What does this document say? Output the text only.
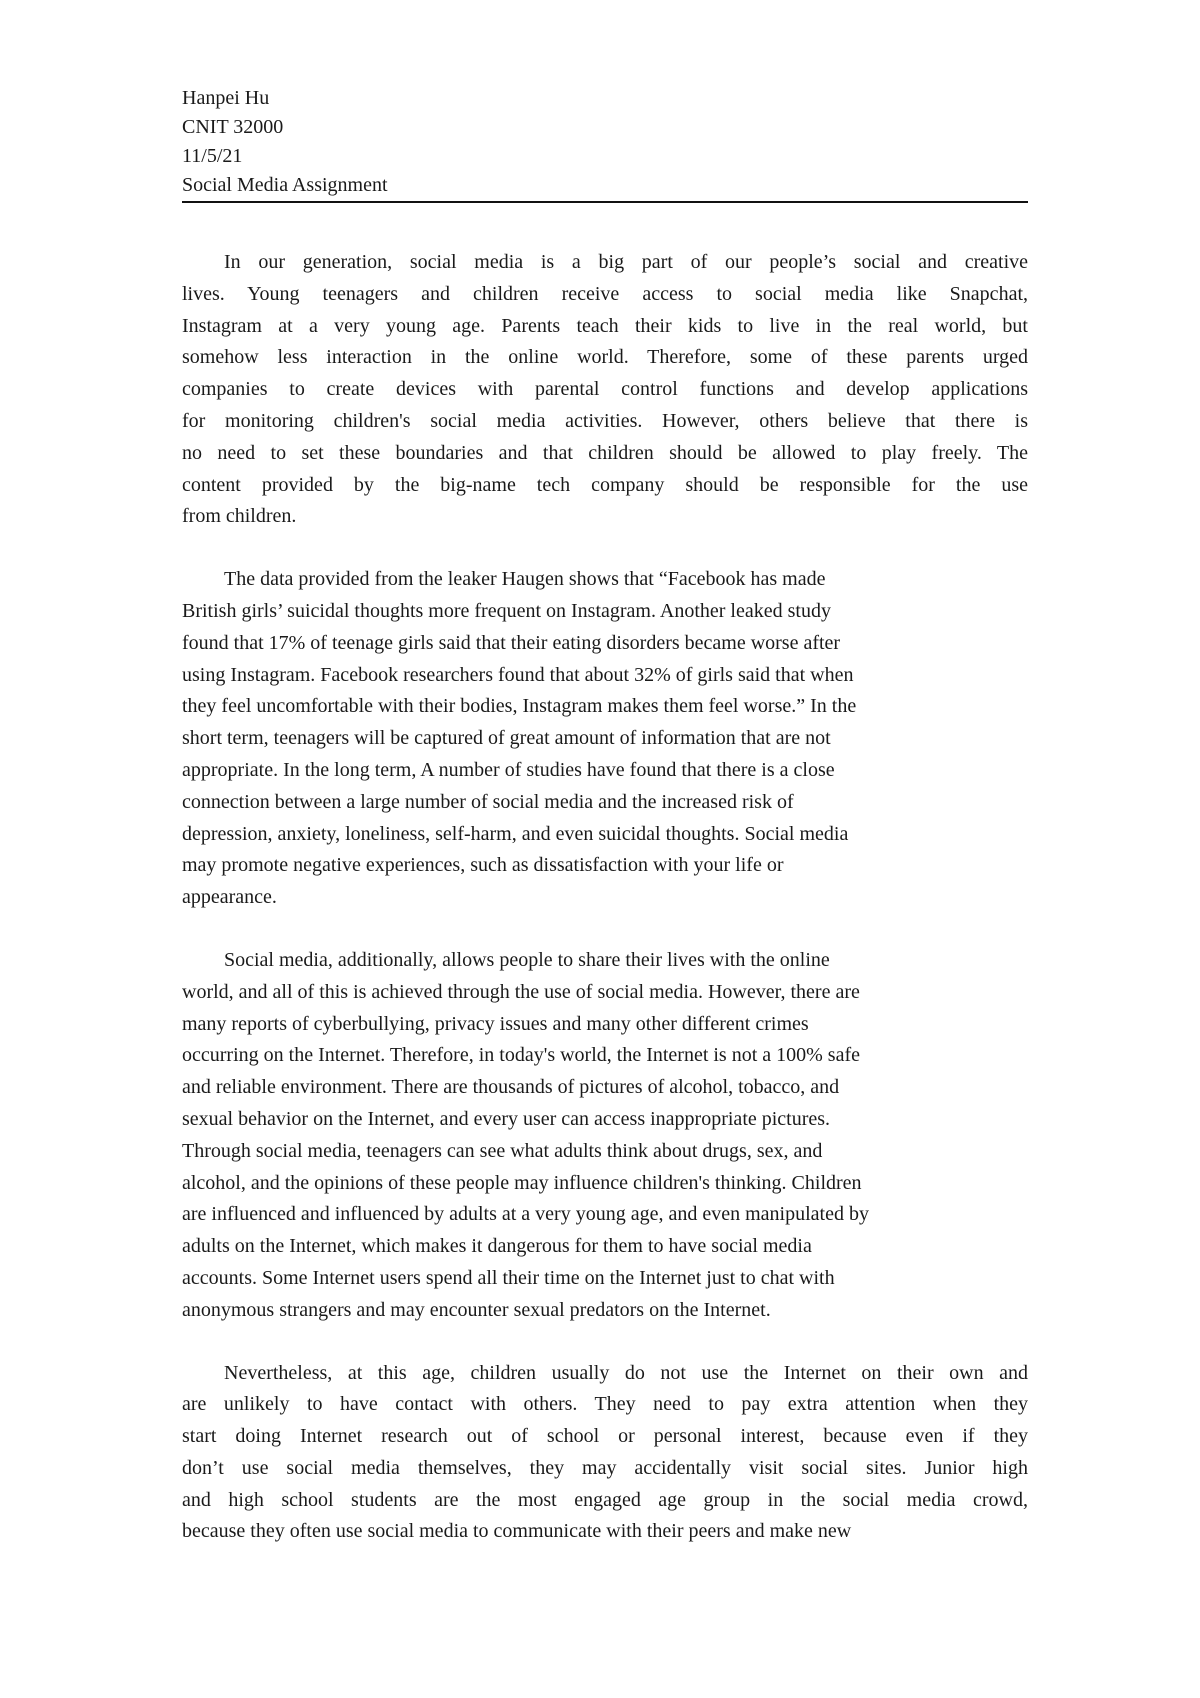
Hanpei Hu
CNIT 32000
11/5/21
Social Media Assignment
In our generation, social media is a big part of our people’s social and creative
lives. Young teenagers and children receive access to social media like Snapchat,
Instagram at a very young age. Parents teach their kids to live in the real world, but
somehow less interaction in the online world. Therefore, some of these parents urged
companies to create devices with parental control functions and develop applications
for monitoring children's social media activities. However, others believe that there is
no need to set these boundaries and that children should be allowed to play freely. The
content provided by the big-name tech company should be responsible for the use
from children.
The data provided from the leaker Haugen shows that “Facebook has made
British girls’ suicidal thoughts more frequent on Instagram. Another leaked study
found that 17% of teenage girls said that their eating disorders became worse after
using Instagram. Facebook researchers found that about 32% of girls said that when
they feel uncomfortable with their bodies, Instagram makes them feel worse.” In the
short term, teenagers will be captured of great amount of information that are not
appropriate. In the long term, A number of studies have found that there is a close
connection between a large number of social media and the increased risk of
depression, anxiety, loneliness, self-harm, and even suicidal thoughts. Social media
may promote negative experiences, such as dissatisfaction with your life or
appearance.
Social media, additionally, allows people to share their lives with the online
world, and all of this is achieved through the use of social media. However, there are
many reports of cyberbullying, privacy issues and many other different crimes
occurring on the Internet. Therefore, in today's world, the Internet is not a 100% safe
and reliable environment. There are thousands of pictures of alcohol, tobacco, and
sexual behavior on the Internet, and every user can access inappropriate pictures.
Through social media, teenagers can see what adults think about drugs, sex, and
alcohol, and the opinions of these people may influence children's thinking. Children
are influenced and influenced by adults at a very young age, and even manipulated by
adults on the Internet, which makes it dangerous for them to have social media
accounts. Some Internet users spend all their time on the Internet just to chat with
anonymous strangers and may encounter sexual predators on the Internet.
Nevertheless, at this age, children usually do not use the Internet on their own and
are unlikely to have contact with others. They need to pay extra attention when they
start doing Internet research out of school or personal interest, because even if they
don’t use social media themselves, they may accidentally visit social sites. Junior high
and high school students are the most engaged age group in the social media crowd,
because they often use social media to communicate with their peers and make new
